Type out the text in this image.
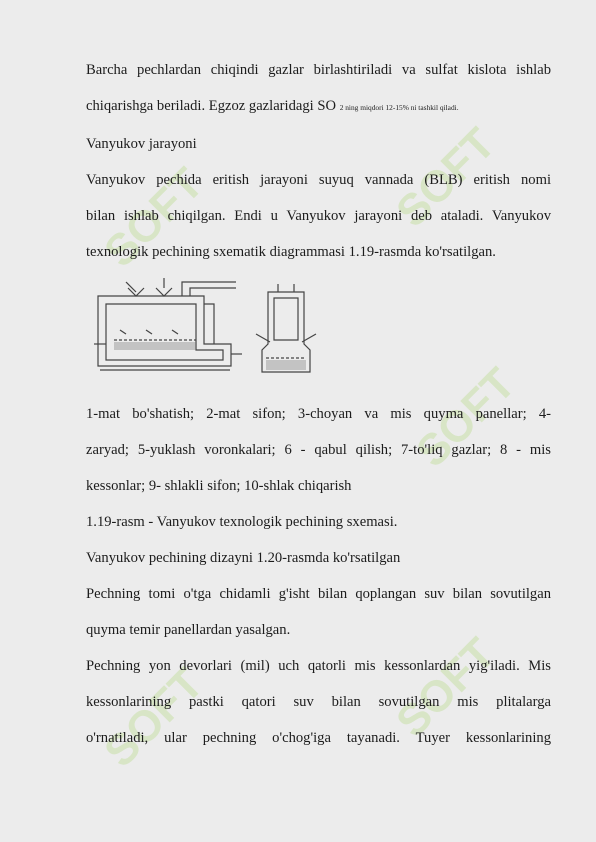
SOFT	SOFT
SOFT
SOFT	SOFT

Barcha pechlardan chiqindi gazlar birlashtiriladi va sulfat kislota ishlab

chiqarishga beriladi. Egzoz gazlaridagi SO 2 ning miqdori 12-15% ni tashkil qiladi.

Vanyukov jarayoni

Vanyukov pechida eritish jarayoni suyuq vannada (BLB) eritish nomi

bilan ishlab chiqilgan. Endi u Vanyukov jarayoni deb ataladi. Vanyukov

texnologik pechining sxematik diagrammasi 1.19-rasmda ko'rsatilgan.

1-mat bo'shatish; 2-mat sifon; 3-choyan va mis quyma panellar; 4-

zaryad; 5-yuklash voronkalari; 6 - qabul qilish; 7-to'liq gazlar; 8 - mis

kessonlar; 9- shlakli sifon; 10-shlak chiqarish

1.19-rasm - Vanyukov texnologik pechining sxemasi.

Vanyukov pechining dizayni 1.20-rasmda ko'rsatilgan

Pechning tomi o'tga chidamli g'isht bilan qoplangan suv bilan sovutilgan

quyma temir panellardan yasalgan.

Pechning yon devorlari (mil) uch qatorli mis kessonlardan yig'iladi. Mis

kessonlarining pastki qatori suv bilan sovutilgan mis plitalarga

o'rnatiladi, ular pechning o'chog'iga tayanadi. Tuyer kessonlarining
